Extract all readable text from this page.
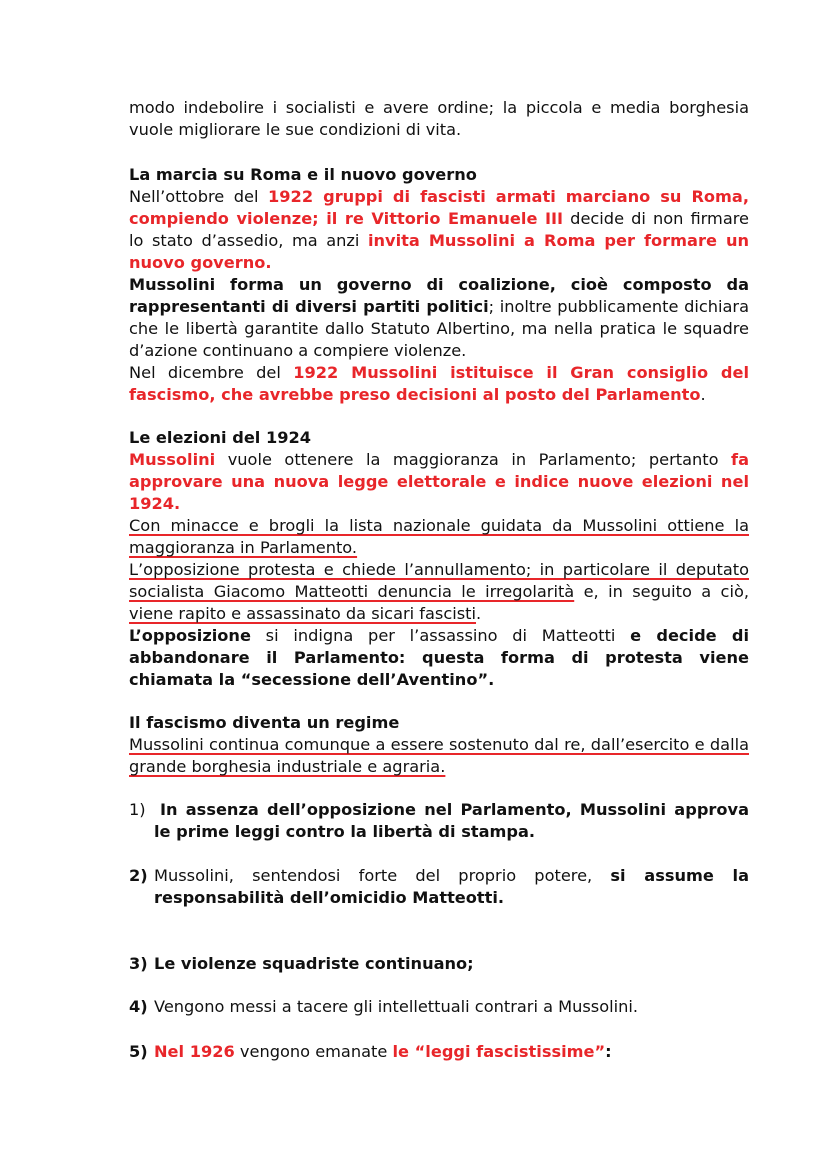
modo indebolire i socialisti e avere ordine; la piccola e media borghesia
vuole migliorare le sue condizioni di vita.
La marcia su Roma e il nuovo governo
Nell’ottobre del 1922 gruppi di fascisti armati marciano su Roma, compiendo violenze; il re Vittorio Emanuele III decide di non firmare lo stato d’assedio, ma anzi invita Mussolini a Roma per formare un nuovo governo.
Mussolini forma un governo di coalizione, cioè composto da rappresentanti di diversi partiti politici; inoltre pubblicamente dichiara che le libertà garantite dallo Statuto Albertino, ma nella pratica le squadre d’azione continuano a compiere violenze.
Nel dicembre del 1922 Mussolini istituisce il Gran consiglio del fascismo, che avrebbe preso decisioni al posto del Parlamento.
Le elezioni del 1924
Mussolini vuole ottenere la maggioranza in Parlamento; pertanto fa approvare una nuova legge elettorale e indice nuove elezioni nel 1924.
Con minacce e brogli la lista nazionale guidata da Mussolini ottiene la maggioranza in Parlamento.
L’opposizione protesta e chiede l’annullamento; in particolare il deputato socialista Giacomo Matteotti denuncia le irregolarità e, in seguito a ciò, viene rapito e assassinato da sicari fascisti.
L’opposizione si indigna per l’assassino di Matteotti e decide di abbandonare il Parlamento: questa forma di protesta viene chiamata la “secessione dell’Aventino”.
Il fascismo diventa un regime
Mussolini continua comunque a essere sostenuto dal re, dall’esercito e dalla grande borghesia industriale e agraria.
1) In assenza dell’opposizione nel Parlamento, Mussolini approva le prime leggi contro la libertà di stampa.
2) Mussolini, sentendosi forte del proprio potere, si assume la responsabilità dell’omicidio Matteotti.
3) Le violenze squadriste continuano;
4) Vengono messi a tacere gli intellettuali contrari a Mussolini.
5) Nel 1926 vengono emanate le “leggi fascistissime”:
